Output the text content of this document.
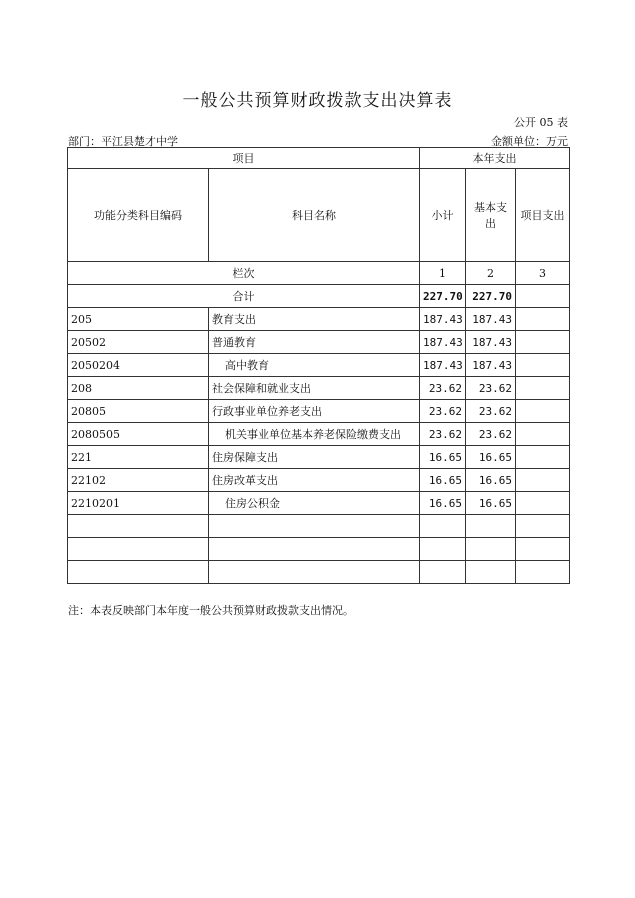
一般公共预算财政拨款支出决算表
公开 05 表
部门：平江县楚才中学	金额单位：万元
项目		本年支出		
功能分类科目编码	科目名称	小计	基本支出	项目支出
栏次		1	2	3
合计		227.70	227.70	
205	教育支出	187.43	187.43	
20502	普通教育	187.43	187.43	
2050204	高中教育	187.43	187.43	
208	社会保障和就业支出	23.62	23.62	
20805	行政事业单位养老支出	23.62	23.62	
2080505	机关事业单位基本养老保险缴费支出	23.62	23.62	
221	住房保障支出	16.65	16.65	
22102	住房改革支出	16.65	16.65	
2210201	住房公积金	16.65	16.65	

注：本表反映部门本年度一般公共预算财政拨款支出情况。
